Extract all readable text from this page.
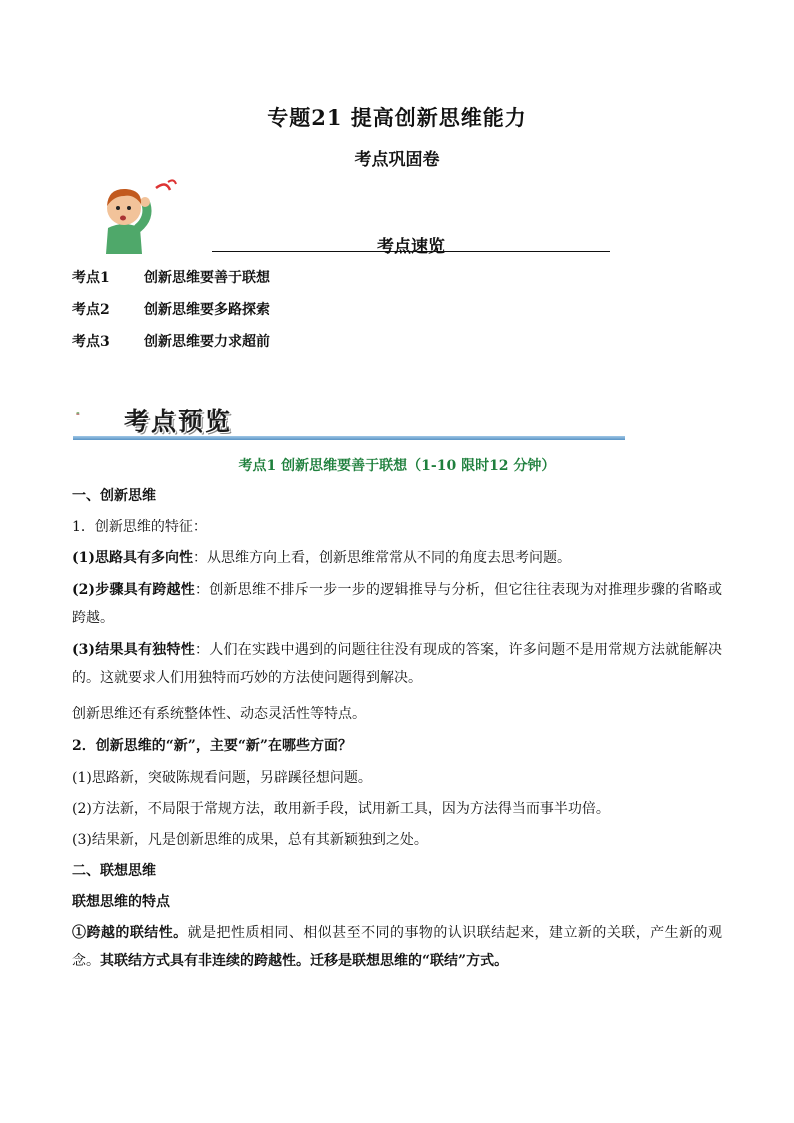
专题21 提高创新思维能力
考点巩固卷
考点速览
考点1 创新思维要善于联想
考点2 创新思维要多路探索
考点3 创新思维要力求超前
考点预览
考点1 创新思维要善于联想（1-10 限时12 分钟）
一、创新思维
1．创新思维的特征：
(1)思路具有多向性：从思维方向上看，创新思维常常从不同的角度去思考问题。
(2)步骤具有跨越性：创新思维不排斥一步一步的逻辑推导与分析，但它往往表现为对推理步骤的省略或跨越。
(3)结果具有独特性：人们在实践中遇到的问题往往没有现成的答案，许多问题不是用常规方法就能解决的。这就要求人们用独特而巧妙的方法使问题得到解决。
创新思维还有系统整体性、动态灵活性等特点。
2．创新思维的“新”，主要“新”在哪些方面？
(1)思路新，突破陈规看问题，另辟蹊径想问题。
(2)方法新，不局限于常规方法，敢用新手段，试用新工具，因为方法得当而事半功倍。
(3)结果新，凡是创新思维的成果，总有其新颖独到之处。
二、联想思维
联想思维的特点
①跨越的联结性。就是把性质相同、相似甚至不同的事物的认识联结起来，建立新的关联，产生新的观念。其联结方式具有非连续的跨越性。迁移是联想思维的“联结”方式。
